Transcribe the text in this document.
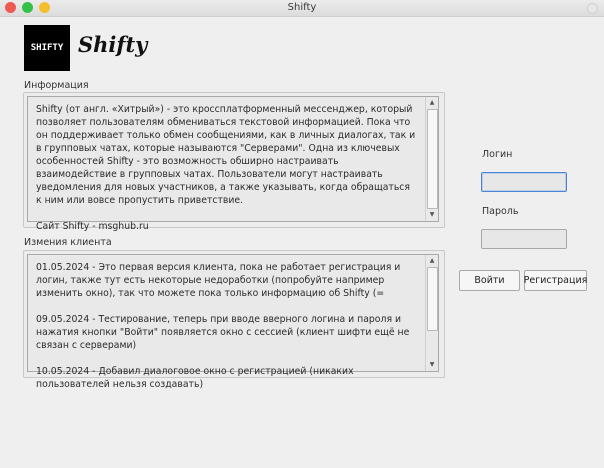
Shifty
SHIFTY Shifty
Информация
Shifty (от англ. «Хитрый») - это кроссплатформенный мессенджер, который позволяет пользователям обмениваться текстовой информацией. Пока что он поддерживает только обмен сообщениями, как в личных диалогах, так и в групповых чатах, которые называются "Серверами". Одна из ключевых особенностей Shifty - это возможность обширно настраивать взаимодействие в групповых чатах. Пользователи могут настраивать уведомления для новых участников, а также указывать, когда обращаться к ним или вовсе пропустить приветствие.

Сайт Shifty - msghub.ru
▲
▼
Измения клиента
01.05.2024 - Это первая версия клиента, пока не работает регистрация и логин, также тут есть некоторые недоработки (попробуйте например изменить окно), так что можете пока только информацию об Shifty (=

09.05.2024 - Тестирование, теперь при вводе вверного логина и пароля и нажатия кнопки "Войти" появляется окно с сессией (клиент шифти ещё не связан с серверами)

10.05.2024 - Добавил диалоговое окно с регистрацией (никаких пользователей нельзя создавать)
▲
▼
Логин
Пароль
Войти	Регистрация
